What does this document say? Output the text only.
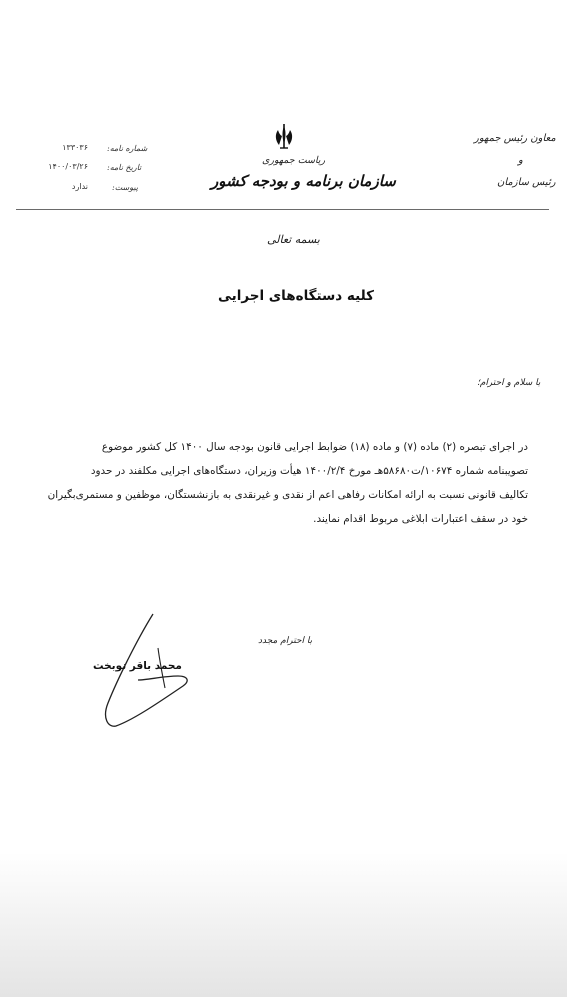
شماره نامه:
۱۳۳۰۳۶
تاریخ نامه:
۱۴۰۰/۰۳/۲۶
پیوست:
ندارد
ریاست جمهوری
سازمان برنامه و بودجه کشور
معاون رئیس جمهور
و
رئیس سازمان
بسمه تعالی
کلیه دستگاه‌های اجرایی
با سلام و احترام؛
در اجرای تبصره (۲) ماده (۷) و ماده (۱۸) ضوابط اجرایی قانون بودجه سال ۱۴۰۰ کل کشور موضوع
تصویبنامه شماره ۱۰۶۷۴/ت۵۸۶۸۰هـ مورخ ۱۴۰۰/۲/۴ هیأت وزیران، دستگاه‌های اجرایی مکلفند در حدود
تکالیف قانونی نسبت به ارائه امکانات رفاهی اعم از نقدی و غیرنقدی به بازنشستگان، موظفین و مستمری‌بگیران
خود در سقف اعتبارات ابلاغی مربوط اقدام نمایند.
با احترام مجدد
محمد باقر نوبخت
